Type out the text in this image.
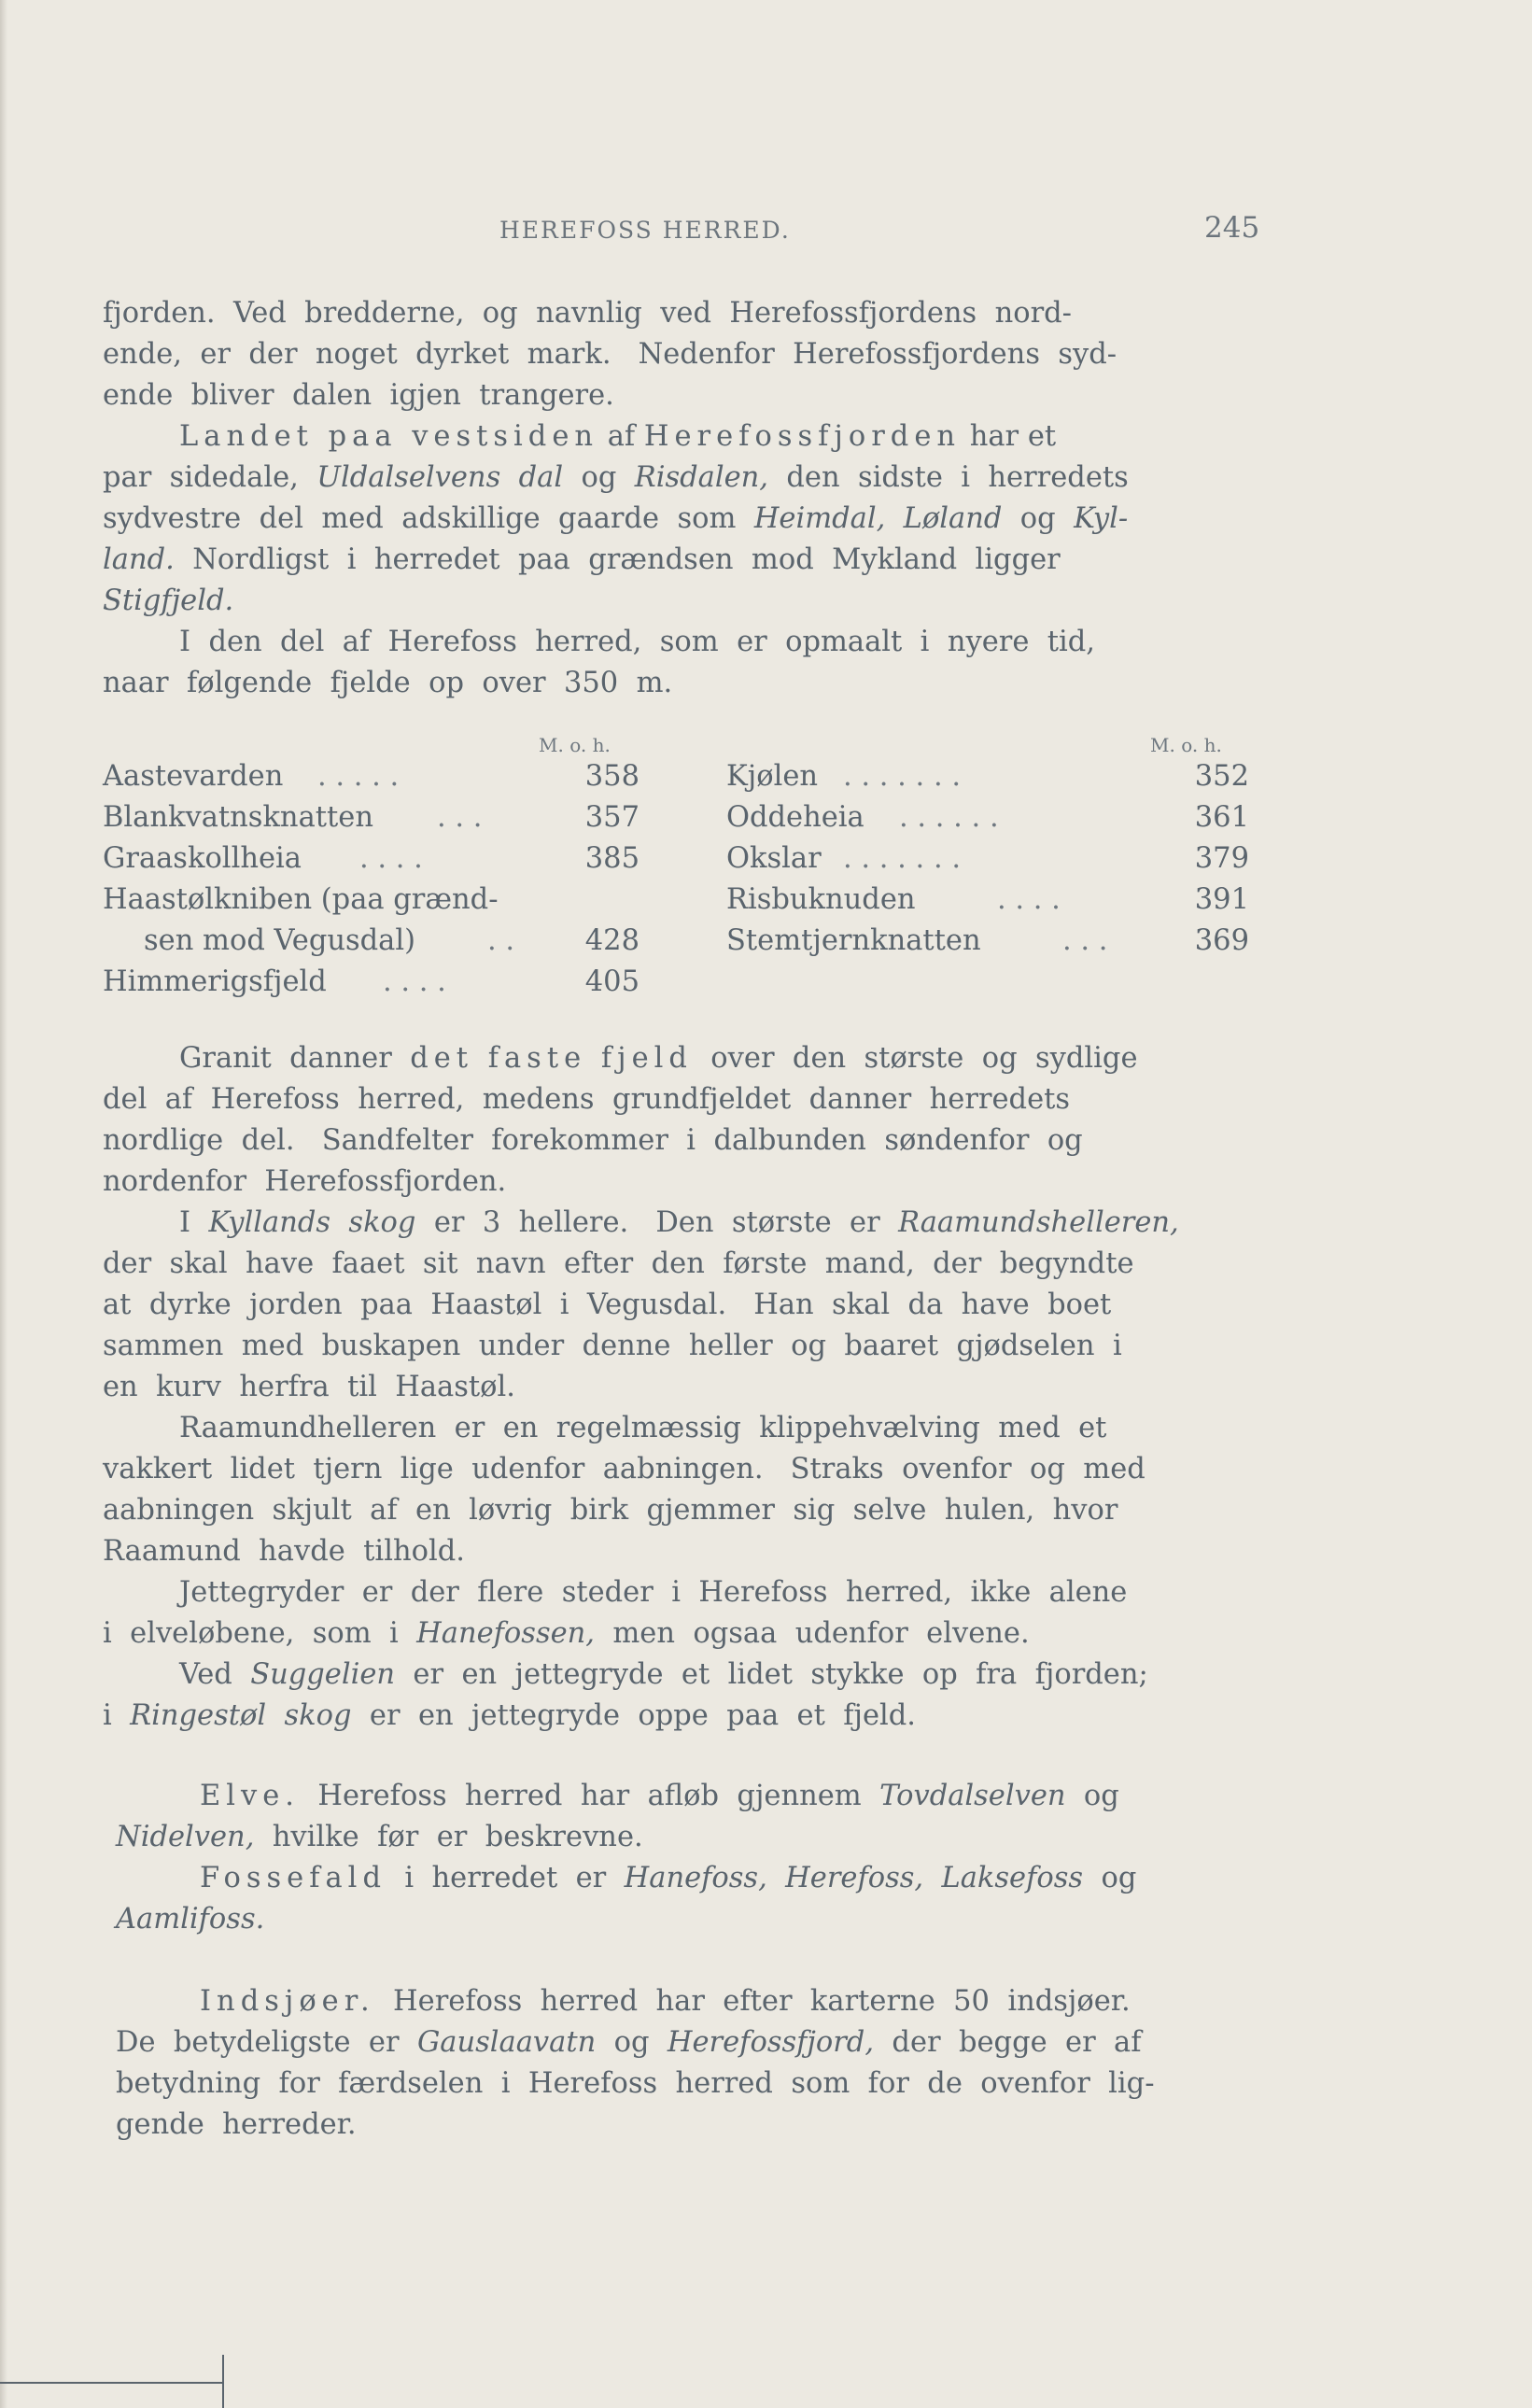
HEREFOSS HERRED.	245
fjorden.  Ved  bredderne,  og  navnlig  ved  Herefossfjordens  nord-
ende,  er  der  noget  dyrket  mark.   Nedenfor  Herefossfjordens  syd-
ende  bliver  dalen  igjen  trangere.
Landet paa vestsiden af Herefossfjorden har et
par  sidedale,  Uldalselvens  dal  og  Risdalen,  den  sidste  i  herredets
sydvestre  del  med  adskillige  gaarde  som  Heimdal,  Løland  og  Kyl-
land.  Nordligst  i  herredet  paa  grændsen  mod  Mykland  ligger
Stigfjeld.
I  den  del  af  Herefoss  herred,  som  er  opmaalt  i  nyere  tid,
naar  følgende  fjelde  op  over  350  m.
M. o. h.	M. o. h.
Aastevarden . . . . .	358
Blankvatnsknatten . . .	357
Graaskollheia . . . .	385
Haastølkniben (paa grænd-
sen mod Vegusdal)	. . 428
Himmerigsfjeld . . . .	405
Kjølen . . . . . . .	352
Oddeheia . . . . . .	361
Okslar . . . . . . .	379
Risbuknuden	. . . .	391
Stemtjernknatten	. . .	369
Granit  danner  det faste fjeld  over  den  største  og  sydlige
del  af  Herefoss  herred,  medens  grundfjeldet  danner  herredets
nordlige  del.   Sandfelter  forekommer  i  dalbunden  søndenfor  og
nordenfor  Herefossfjorden.
I  Kyllands  skog  er  3  hellere.   Den  største  er  Raamundshelleren,
der  skal  have  faaet  sit  navn  efter  den  første  mand,  der  begyndte
at  dyrke  jorden  paa  Haastøl  i  Vegusdal.   Han  skal  da  have  boet
sammen  med  buskapen  under  denne  heller  og  baaret  gjødselen  i
en  kurv  herfra  til  Haastøl.
Raamundhelleren  er  en  regelmæssig  klippehvælving  med  et
vakkert  lidet  tjern  lige  udenfor  aabningen.   Straks  ovenfor  og  med
aabningen  skjult  af  en  løvrig  birk  gjemmer  sig  selve  hulen,  hvor
Raamund  havde  tilhold.
Jettegryder  er  der  flere  steder  i  Herefoss  herred,  ikke  alene
i  elveløbene,  som  i  Hanefossen,  men  ogsaa  udenfor  elvene.
Ved  Suggelien  er  en  jettegryde  et  lidet  stykke  op  fra  fjorden;
i  Ringestøl  skog  er  en  jettegryde  oppe  paa  et  fjeld.
Elve.  Herefoss  herred  har  afløb  gjennem  Tovdalselven  og
Nidelven,  hvilke  før  er  beskrevne.
Fossefald  i  herredet  er  Hanefoss,  Herefoss,  Laksefoss  og
Aamlifoss.
Indsjøer.  Herefoss  herred  har  efter  karterne  50  indsjøer.
De  betydeligste  er  Gauslaavatn  og  Herefossfjord,  der  begge  er  af
betydning  for  færdselen  i  Herefoss  herred  som  for  de  ovenfor  lig-
gende  herreder.
